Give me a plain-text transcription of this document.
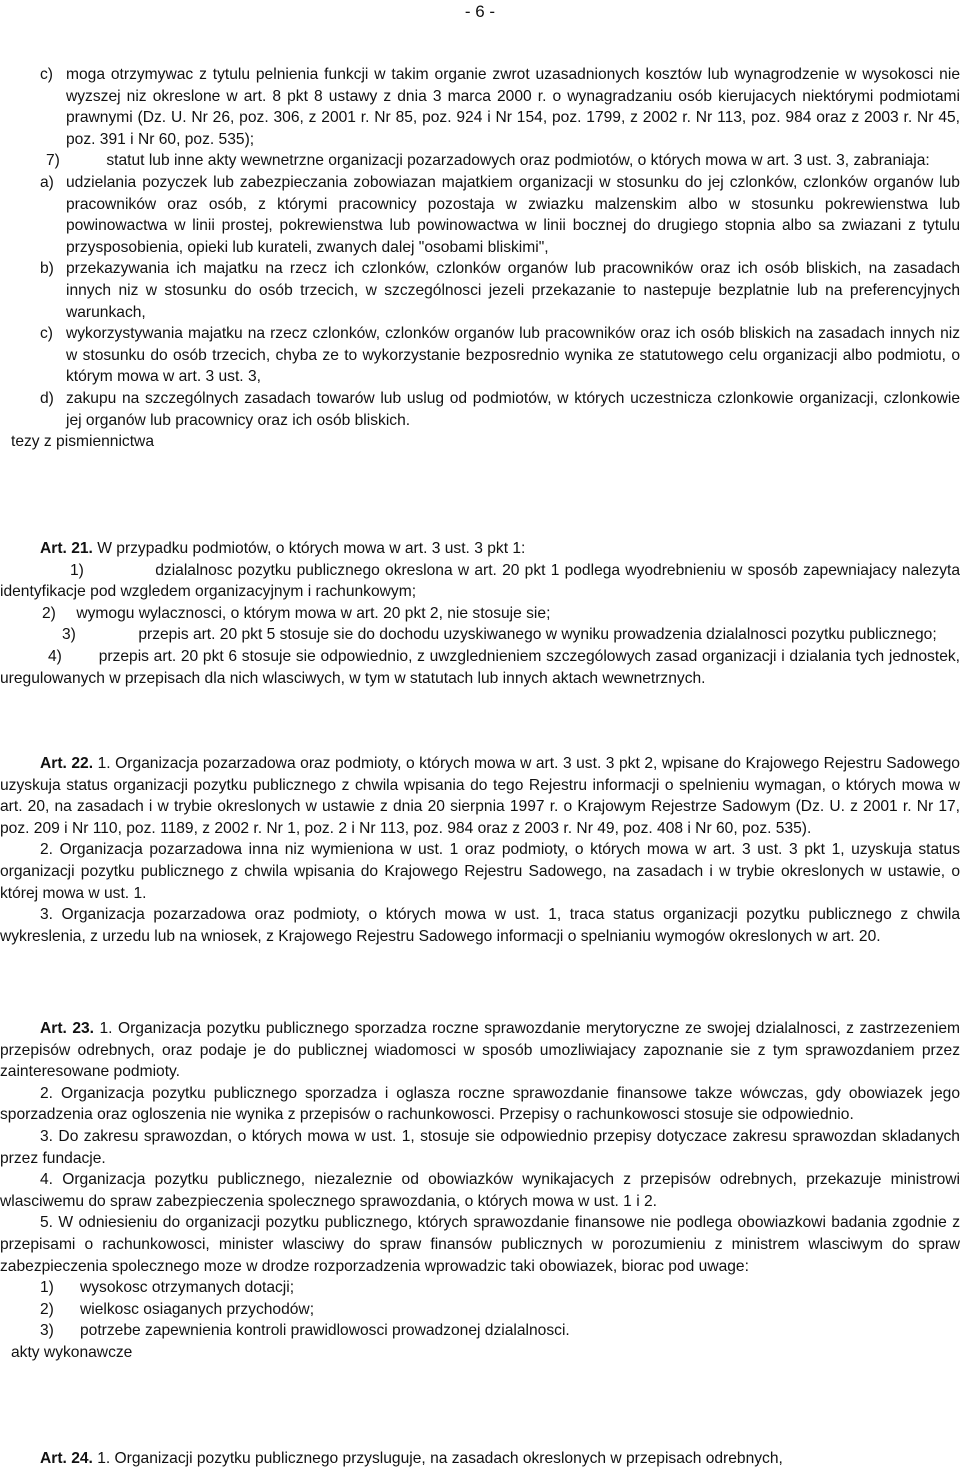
- 6 -
c) moga otrzymywac z tytulu pelnienia funkcji w takim organie zwrot uzasadnionych kosztów lub wynagrodzenie w wysokosci nie wyzszej niz okreslone w art. 8 pkt 8 ustawy z dnia 3 marca 2000 r. o wynagradzaniu osób kierujacych niektórymi podmiotami prawnymi (Dz. U. Nr 26, poz. 306, z 2001 r. Nr 85, poz. 924 i Nr 154, poz. 1799, z 2002 r. Nr 113, poz. 984 oraz z 2003 r. Nr 45, poz. 391 i Nr 60, poz. 535);

7)	statut lub inne akty wewnetrzne organizacji pozarzadowych oraz podmiotów, o których mowa w art. 3 ust. 3, zabraniaja:

a) udzielania pozyczek lub zabezpieczania zobowiazan majatkiem organizacji w stosunku do jej czlonków, czlonków organów lub pracowników oraz osób, z którymi pracownicy pozostaja w zwiazku malzenskim albo w stosunku pokrewienstwa lub powinowactwa w linii prostej, pokrewienstwa lub powinowactwa w linii bocznej do drugiego stopnia albo sa zwiazani z tytulu przysposobienia, opieki lub kurateli, zwanych dalej "osobami bliskimi",
b) przekazywania ich majatku na rzecz ich czlonków, czlonków organów lub pracowników oraz ich osób bliskich, na zasadach innych niz w stosunku do osób trzecich, w szczególnosci jezeli przekazanie to nastepuje bezplatnie lub na preferencyjnych warunkach,
c) wykorzystywania majatku na rzecz czlonków, czlonków organów lub pracowników oraz ich osób bliskich na zasadach innych niz w stosunku do osób trzecich, chyba ze to wykorzystanie bezposrednio wynika ze statutowego celu organizacji albo podmiotu, o którym mowa w art. 3 ust. 3,
d) zakupu na szczególnych zasadach towarów lub uslug od podmiotów, w których uczestnicza czlonkowie organizacji, czlonkowie jej organów lub pracownicy oraz ich osób bliskich.

tezy z pismiennictwa

Art. 21. W przypadku podmiotów, o których mowa w art. 3 ust. 3 pkt 1:

1)	dzialalnosc pozytku publicznego okreslona w art. 20 pkt 1 podlega wyodrebnieniu w sposób zapewniajacy nalezyta identyfikacje pod wzgledem organizacyjnym i rachunkowym;

2) wymogu wylacznosci, o którym mowa w art. 20 pkt 2, nie stosuje sie;

3)	przepis art. 20 pkt 5 stosuje sie do dochodu uzyskiwanego w wyniku prowadzenia dzialalnosci pozytku publicznego;

4) przepis art. 20 pkt 6 stosuje sie odpowiednio, z uwzglednieniem szczególowych zasad organizacji i dzialania tych jednostek, uregulowanych w przepisach dla nich wlasciwych, w tym w statutach lub innych aktach wewnetrznych.

Art. 22. 1. Organizacja pozarzadowa oraz podmioty, o których mowa w art. 3 ust. 3 pkt 2, wpisane do Krajowego Rejestru Sadowego uzyskuja status organizacji pozytku publicznego z chwila wpisania do tego Rejestru informacji o spelnieniu wymagan, o których mowa w art. 20, na zasadach i w trybie okreslonych w ustawie z dnia 20 sierpnia 1997 r. o Krajowym Rejestrze Sadowym (Dz. U. z 2001 r. Nr 17, poz. 209 i Nr 110, poz. 1189, z 2002 r. Nr 1, poz. 2 i Nr 113, poz. 984 oraz z 2003 r. Nr 49, poz. 408 i Nr 60, poz. 535).

2. Organizacja pozarzadowa inna niz wymieniona w ust. 1 oraz podmioty, o których mowa w art. 3 ust. 3 pkt 1, uzyskuja status organizacji pozytku publicznego z chwila wpisania do Krajowego Rejestru Sadowego, na zasadach i w trybie okreslonych w ustawie, o której mowa w ust. 1.

3. Organizacja pozarzadowa oraz podmioty, o których mowa w ust. 1, traca status organizacji pozytku publicznego z chwila wykreslenia, z urzedu lub na wniosek, z Krajowego Rejestru Sadowego informacji o spelnianiu wymogów okreslonych w art. 20.

Art. 23. 1. Organizacja pozytku publicznego sporzadza roczne sprawozdanie merytoryczne ze swojej dzialalnosci, z zastrzezeniem przepisów odrebnych, oraz podaje je do publicznej wiadomosci w sposób umozliwiajacy zapoznanie sie z tym sprawozdaniem przez zainteresowane podmioty.

2. Organizacja pozytku publicznego sporzadza i oglasza roczne sprawozdanie finansowe takze wówczas, gdy obowiazek jego sporzadzenia oraz ogloszenia nie wynika z przepisów o rachunkowosci. Przepisy o rachunkowosci stosuje sie odpowiednio.

3. Do zakresu sprawozdan, o których mowa w ust. 1, stosuje sie odpowiednio przepisy dotyczace zakresu sprawozdan skladanych przez fundacje.

4. Organizacja pozytku publicznego, niezaleznie od obowiazków wynikajacych z przepisów odrebnych, przekazuje ministrowi wlasciwemu do spraw zabezpieczenia spolecznego sprawozdania, o których mowa w ust. 1 i 2.

5. W odniesieniu do organizacji pozytku publicznego, których sprawozdanie finansowe nie podlega obowiazkowi badania zgodnie z przepisami o rachunkowosci, minister wlasciwy do spraw finansów publicznych w porozumieniu z ministrem wlasciwym do spraw zabezpieczenia spolecznego moze w drodze rozporzadzenia wprowadzic taki obowiazek, biorac pod uwage:

1) wysokosc otrzymanych dotacji;

2) wielkosc osiaganych przychodów;

3) potrzebe zapewnienia kontroli prawidlowosci prowadzonej dzialalnosci.

akty wykonawcze

Art. 24. 1. Organizacji pozytku publicznego przysluguje, na zasadach okreslonych w przepisach odrebnych,
